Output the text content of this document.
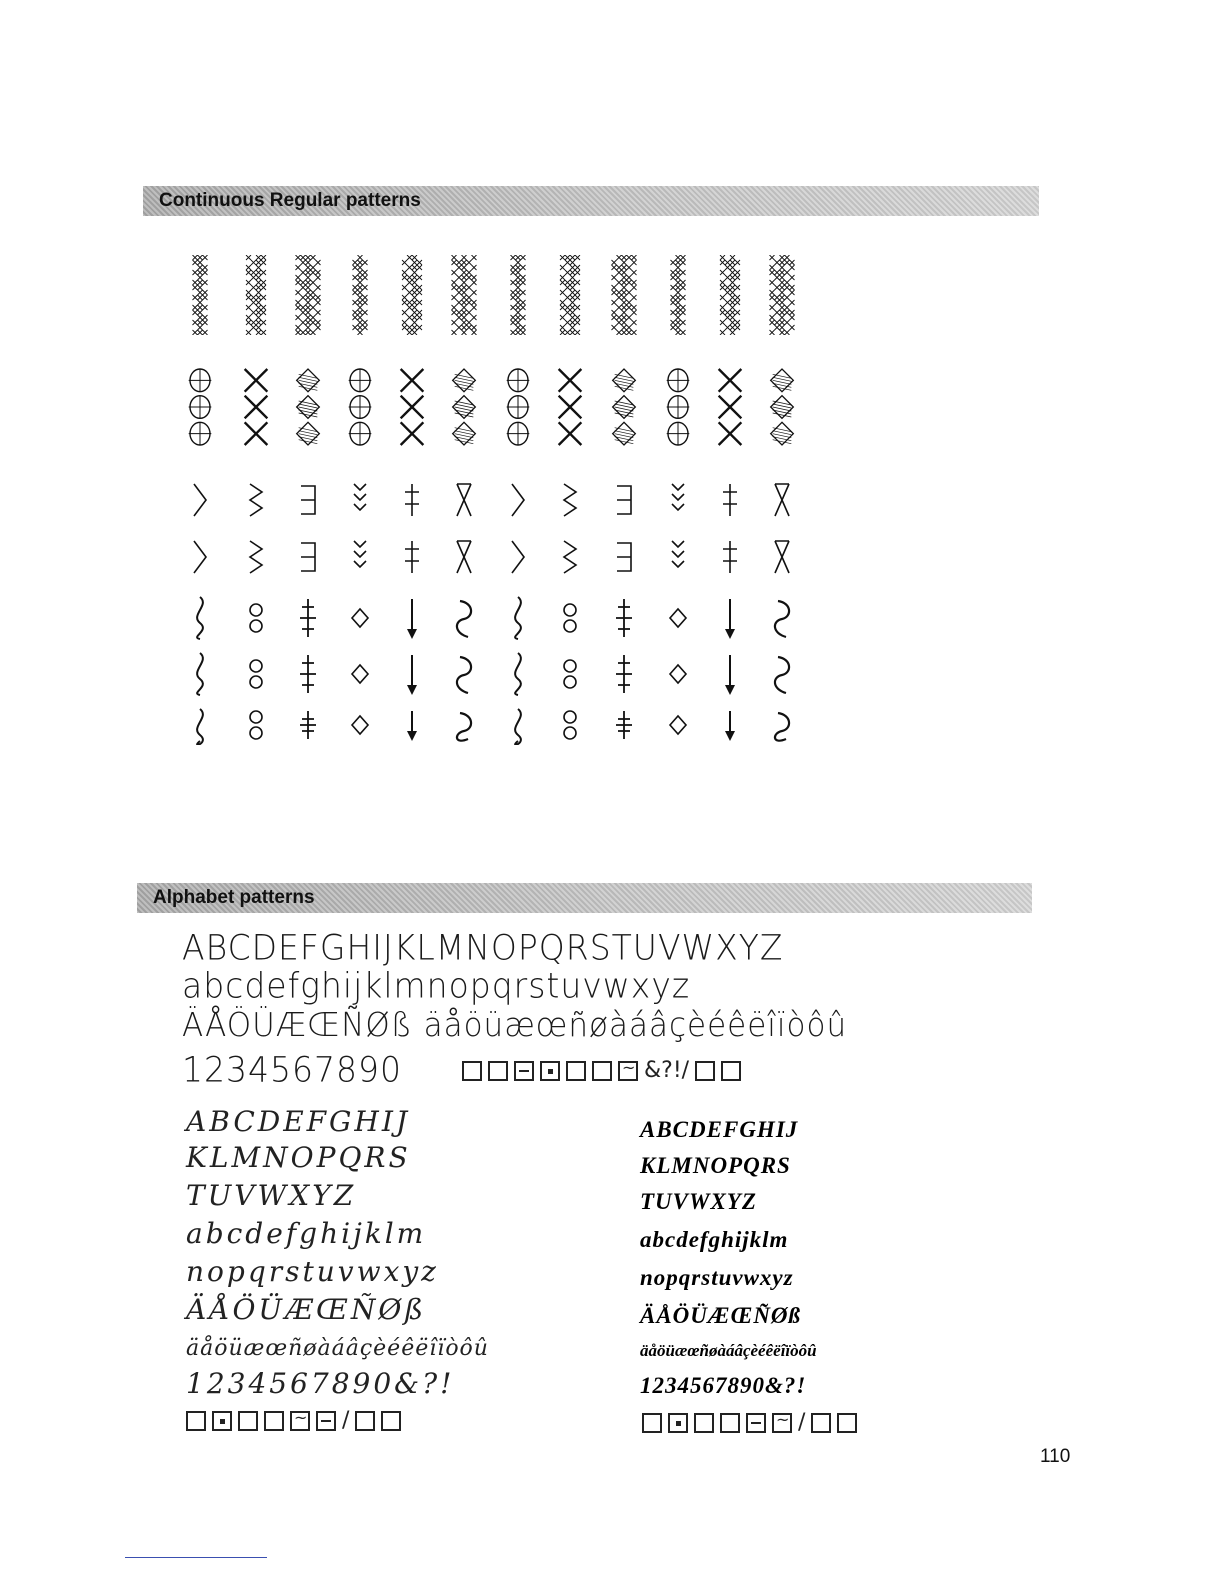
Continuous Regular patterns
Alphabet patterns
ABCDEFGHIJKLMNOPQRSTUVWXYZ
abcdefghijklmnopqrstuvwxyz
ÄÅÖÜÆŒÑØß äåöüæœñøàáâçèéêëîïòôû
1234567890
~	&?!/
ABCDEFGHIJ
KLMNOPQRS
TUVWXYZ
abcdefghijklm
nopqrstuvwxyz
ÄÅÖÜÆŒÑØß
äåöüæœñøàáâçèéêëîïòôû
1234567890&?!
~
/
ABCDEFGHIJ
KLMNOPQRS
TUVWXYZ
abcdefghijklm
nopqrstuvwxyz
ÄÅÖÜÆŒÑØß
äåöüæœñøàáâçèéêëîïòôû
1234567890&?!
~
/
110
